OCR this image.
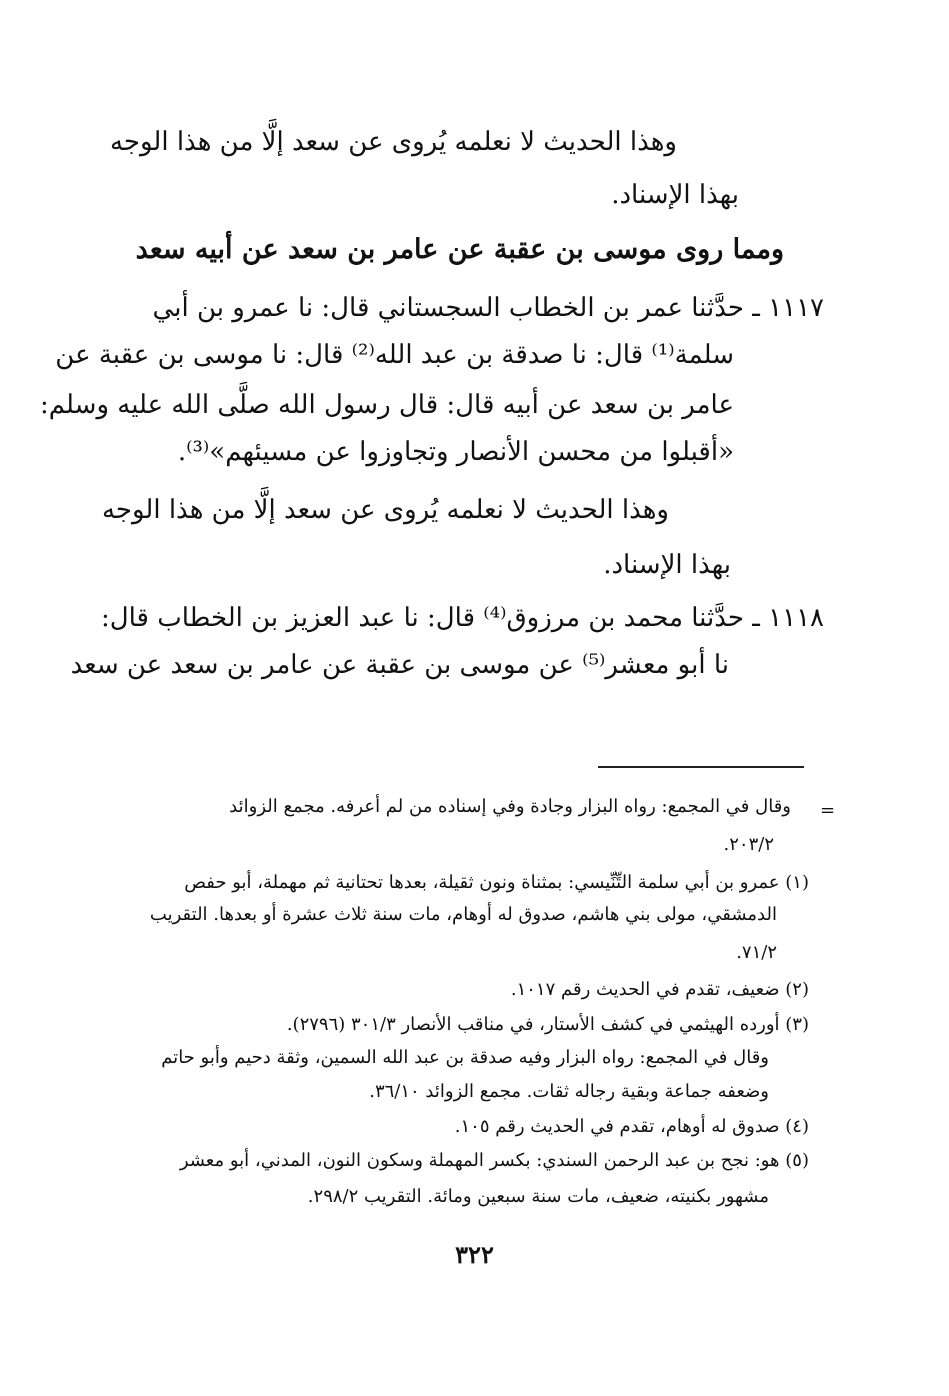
وهذا الحديث لا نعلمه يُروى عن سعد إلَّا من هذا الوجه
بهذا الإسناد.
ومما روى موسى بن عقبة عن عامر بن سعد عن أبيه سعد
١١١٧ ـ حدَّثنا عمر بن الخطاب السجستاني قال: نا عمرو بن أبي
سلمة⁽¹⁾ قال: نا صدقة بن عبد الله⁽²⁾ قال: نا موسى بن عقبة عن
عامر بن سعد عن أبيه قال: قال رسول الله صلَّى الله عليه وسلم:
«أقبلوا من محسن الأنصار وتجاوزوا عن مسيئهم»⁽³⁾.
وهذا الحديث لا نعلمه يُروى عن سعد إلَّا من هذا الوجه
بهذا الإسناد.
١١١٨ ـ حدَّثنا محمد بن مرزوق⁽⁴⁾ قال: نا عبد العزيز بن الخطاب قال:
نا أبو معشر⁽⁵⁾ عن موسى بن عقبة عن عامر بن سعد عن سعد
=
وقال في المجمع: رواه البزار وجادة وفي إسناده من لم أعرفه. مجمع الزوائد
٢٠٣/٢.
(١) عمرو بن أبي سلمة التِّنِّيسي: بمثناة ونون ثقيلة، بعدها تحتانية ثم مهملة، أبو حفص
الدمشقي، مولى بني هاشم، صدوق له أوهام، مات سنة ثلاث عشرة أو بعدها. التقريب
٧١/٢.
(٢) ضعيف، تقدم في الحديث رقم ١٠١٧.
(٣) أورده الهيثمي في كشف الأستار، في مناقب الأنصار ٣٠١/٣ (٢٧٩٦).
وقال في المجمع: رواه البزار وفيه صدقة بن عبد الله السمين، وثقة دحيم وأبو حاتم
وضعفه جماعة وبقية رجاله ثقات. مجمع الزوائد ٣٦/١٠.
(٤) صدوق له أوهام، تقدم في الحديث رقم ١٠٥.
(٥) هو: نجح بن عبد الرحمن السندي: بكسر المهملة وسكون النون، المدني، أبو معشر
مشهور بكنيته، ضعيف، مات سنة سبعين ومائة. التقريب ٢٩٨/٢.
٣٢٢
